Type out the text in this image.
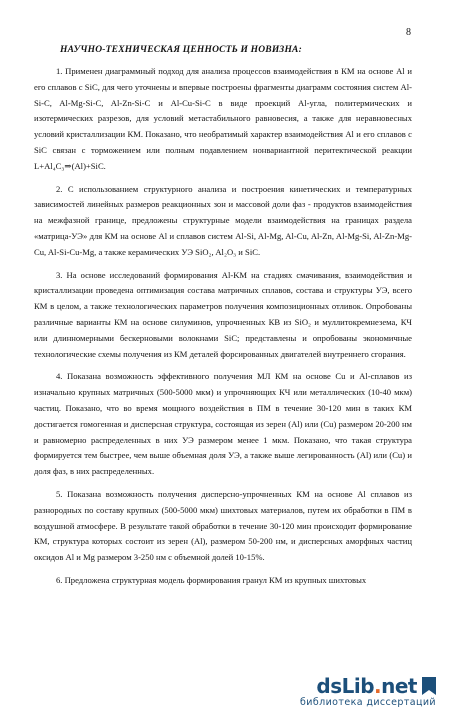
8
НАУЧНО-ТЕХНИЧЕСКАЯ ЦЕННОСТЬ И НОВИЗНА:

1. Применен диаграммный подход для анализа процессов взаимодействия в КМ на основе Al и его сплавов с SiC, для чего уточнены и впервые построены фрагменты диаграмм состояния систем Al-Si-C, Al-Mg-Si-C, Al-Zn-Si-C и Al-Cu-Si-C в виде проекций Al-угла, политермических и изотермических разрезов, для условий метастабильного равновесия, а также для неравновесных условий кристаллизации КМ. Показано, что необратимый характер взаимодействия Al и его сплавов с SiC связан с торможением или полным подавлением нонвариантной перитектической реакции L+Al₄C₃⇒(Al)+SiC.

2. С использованием структурного анализа и построения кинетических и температурных зависимостей линейных размеров реакционных зон и массовой доли фаз - продуктов взаимодействия на межфазной границе, предложены структурные модели взаимодействия на границах раздела «матрица-УЭ» для КМ на основе Al и сплавов систем Al-Si, Al-Mg, Al-Cu, Al-Zn, Al-Mg-Si, Al-Zn-Mg-Cu, Al-Si-Cu-Mg, а также керамических УЭ SiO₂, Al₂O₃ и SiC.

3. На основе исследований формирования Al-KM на стадиях смачивания, взаимодействия и кристаллизации проведена оптимизация состава матричных сплавов, состава и структуры УЭ, всего КМ в целом, а также технологических параметров получения композиционных отливок. Опробованы различные варианты КМ на основе силуминов, упрочненных КВ из SiO₂ и муллитокремнезема, КЧ или длинномерными бескерновыми волокнами SiC; представлены и опробованы экономичные технологические схемы получения из КМ деталей форсированных двигателей внутреннего сгорания.

4. Показана возможность эффективного получения МЛ КМ на основе Cu и Al-сплавов из изначально крупных матричных (500-5000 мкм) и упрочняющих КЧ или металлических (10-40 мкм) частиц. Показано, что во время мощного воздействия в ПМ в течение 30-120 мин в таких КМ достигается гомогенная и дисперсная структура, состоящая из зерен (Al) или (Cu) размером 20-200 нм и равномерно распределенных в них УЭ размером менее 1 мкм. Показано, что такая структура формируется тем быстрее, чем выше объемная доля УЭ, а также выше легированность (Al) или (Cu) и доля фаз, в них распределенных.

5. Показана возможность получения дисперсно-упрочненных КМ на основе Al сплавов из разнородных по составу крупных (500-5000 мкм) шихтовых материалов, путем их обработки в ПМ в воздушной атмосфере. В результате такой обработки в течение 30-120 мин происходит формирование КМ, структура которых состоит из зерен (Al), размером 50-200 нм, и дисперсных аморфных частиц оксидов Al и Mg размером 3-250 нм с объемной долей 10-15%.

6. Предложена структурная модель формирования гранул КМ из крупных шихтовых

dsLib.net
библиотека диссертаций
